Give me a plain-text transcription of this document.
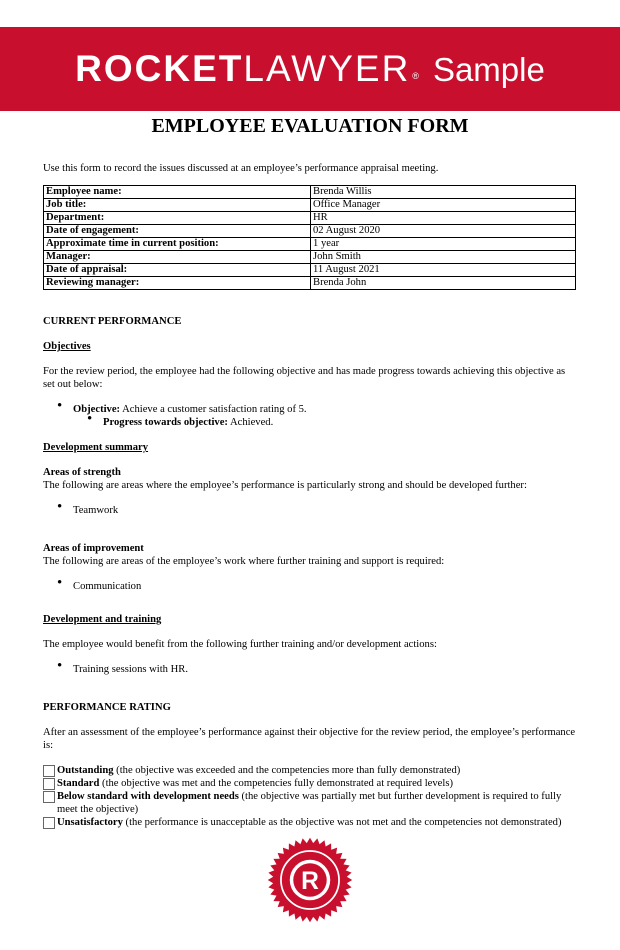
ROCKET LAWYER ® Sample
EMPLOYEE EVALUATION FORM

Use this form to record the issues discussed at an employee’s performance appraisal meeting.

Employee name:	Brenda Willis
Job title:	Office Manager
Department:	HR
Date of engagement:	02 August 2020
Approximate time in current position:	1 year
Manager:	John Smith
Date of appraisal:	11 August 2021
Reviewing manager:	Brenda John

CURRENT PERFORMANCE

Objectives

For the review period, the employee had the following objective and has made progress towards achieving this objective as set out below:

• Objective: Achieve a customer satisfaction rating of 5.
• Progress towards objective: Achieved.

Development summary

Areas of strength

The following are areas where the employee’s performance is particularly strong and should be developed further:

• Teamwork

Areas of improvement

The following are areas of the employee’s work where further training and support is required:

• Communication

Development and training

The employee would benefit from the following further training and/or development actions:

• Training sessions with HR.

PERFORMANCE RATING

After an assessment of the employee’s performance against their objective for the review period, the employee’s performance is:

Outstanding (the objective was exceeded and the competencies more than fully demonstrated)
Standard (the objective was met and the competencies fully demonstrated at required levels)
Below standard with development needs (the objective was partially met but further development is required to fully meet the objective)
Unsatisfactory (the performance is unacceptable as the objective was not met and the competencies not demonstrated)
R
